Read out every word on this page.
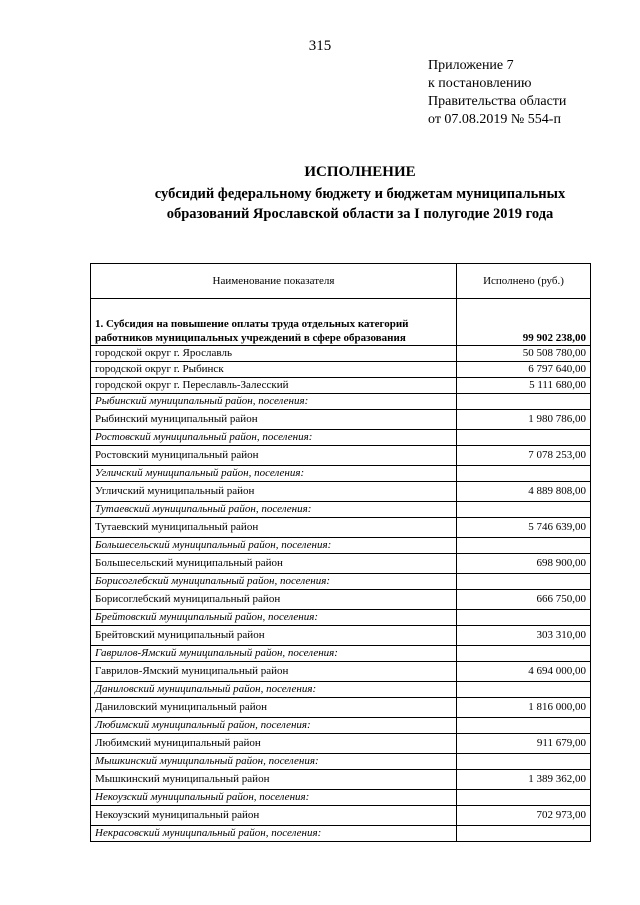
315
Приложение 7
к постановлению
Правительства области
от 07.08.2019 № 554-п
ИСПОЛНЕНИЕ
субсидий федеральному бюджету и бюджетам муниципальных
образований Ярославской области за I полугодие 2019 года
Наименование показателя	Исполнено (руб.)
1. Субсидия на повышение оплаты труда отдельных категорий работников муниципальных учреждений в сфере образования	99 902 238,00
городской округ г. Ярославль	50 508 780,00
городской округ г. Рыбинск	6 797 640,00
городской округ г. Переславль-Залесский	5 111 680,00
Рыбинский муниципальный район, поселения:	
Рыбинский муниципальный район	1 980 786,00
Ростовский муниципальный район, поселения:	
Ростовский муниципальный район	7 078 253,00
Угличский муниципальный район, поселения:	
Угличский муниципальный район	4 889 808,00
Тутаевский муниципальный район, поселения:	
Тутаевский муниципальный район	5 746 639,00
Большесельский муниципальный район, поселения:	
Большесельский муниципальный район	698 900,00
Борисоглебский муниципальный район, поселения:	
Борисоглебский муниципальный район	666 750,00
Брейтовский муниципальный район, поселения:	
Брейтовский муниципальный район	303 310,00
Гаврилов-Ямский муниципальный район, поселения:	
Гаврилов-Ямский муниципальный район	4 694 000,00
Даниловский муниципальный район, поселения:	
Даниловский муниципальный район	1 816 000,00
Любимский муниципальный район, поселения:	
Любимский муниципальный район	911 679,00
Мышкинский муниципальный район, поселения:	
Мышкинский муниципальный район	1 389 362,00
Некоузский муниципальный район, поселения:	
Некоузский муниципальный район	702 973,00
Некрасовский муниципальный район, поселения:	
